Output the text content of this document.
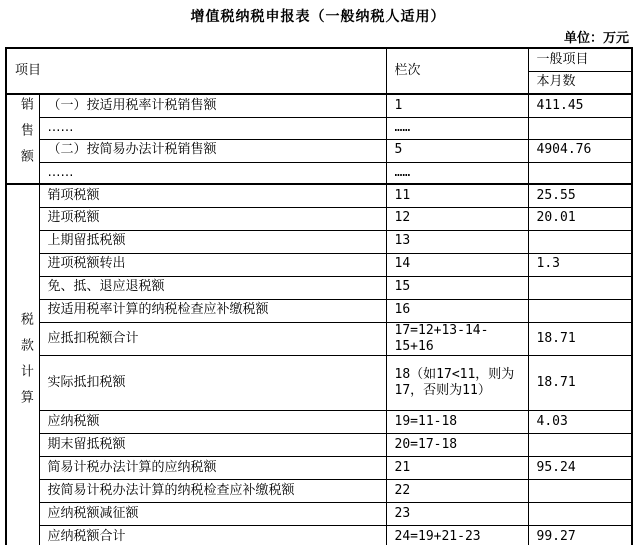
增值税纳税申报表（一般纳税人适用）
单位：万元
项目		栏次	一般项目
			本月数
销售额	（一）按适用税率计税销售额	1	411.45
	……	……	
	（二）按简易办法计税销售额	5	4904.76
	……	……	
税款计算	销项税额	11	25.55
	进项税额	12	20.01
	上期留抵税额	13	
	进项税额转出	14	1.3
	免、抵、退应退税额	15	
	按适用税率计算的纳税检查应补缴税额	16	
	应抵扣税额合计	17=12+13-14-15+16	18.71
	实际抵扣税额	18（如17<11，则为17，否则为11）	18.71
	应纳税额	19=11-18	4.03
	期末留抵税额	20=17-18	
	简易计税办法计算的应纳税额	21	95.24
	按简易计税办法计算的纳税检查应补缴税额	22	
	应纳税额减征额	23	
	应纳税额合计	24=19+21-23	99.27
